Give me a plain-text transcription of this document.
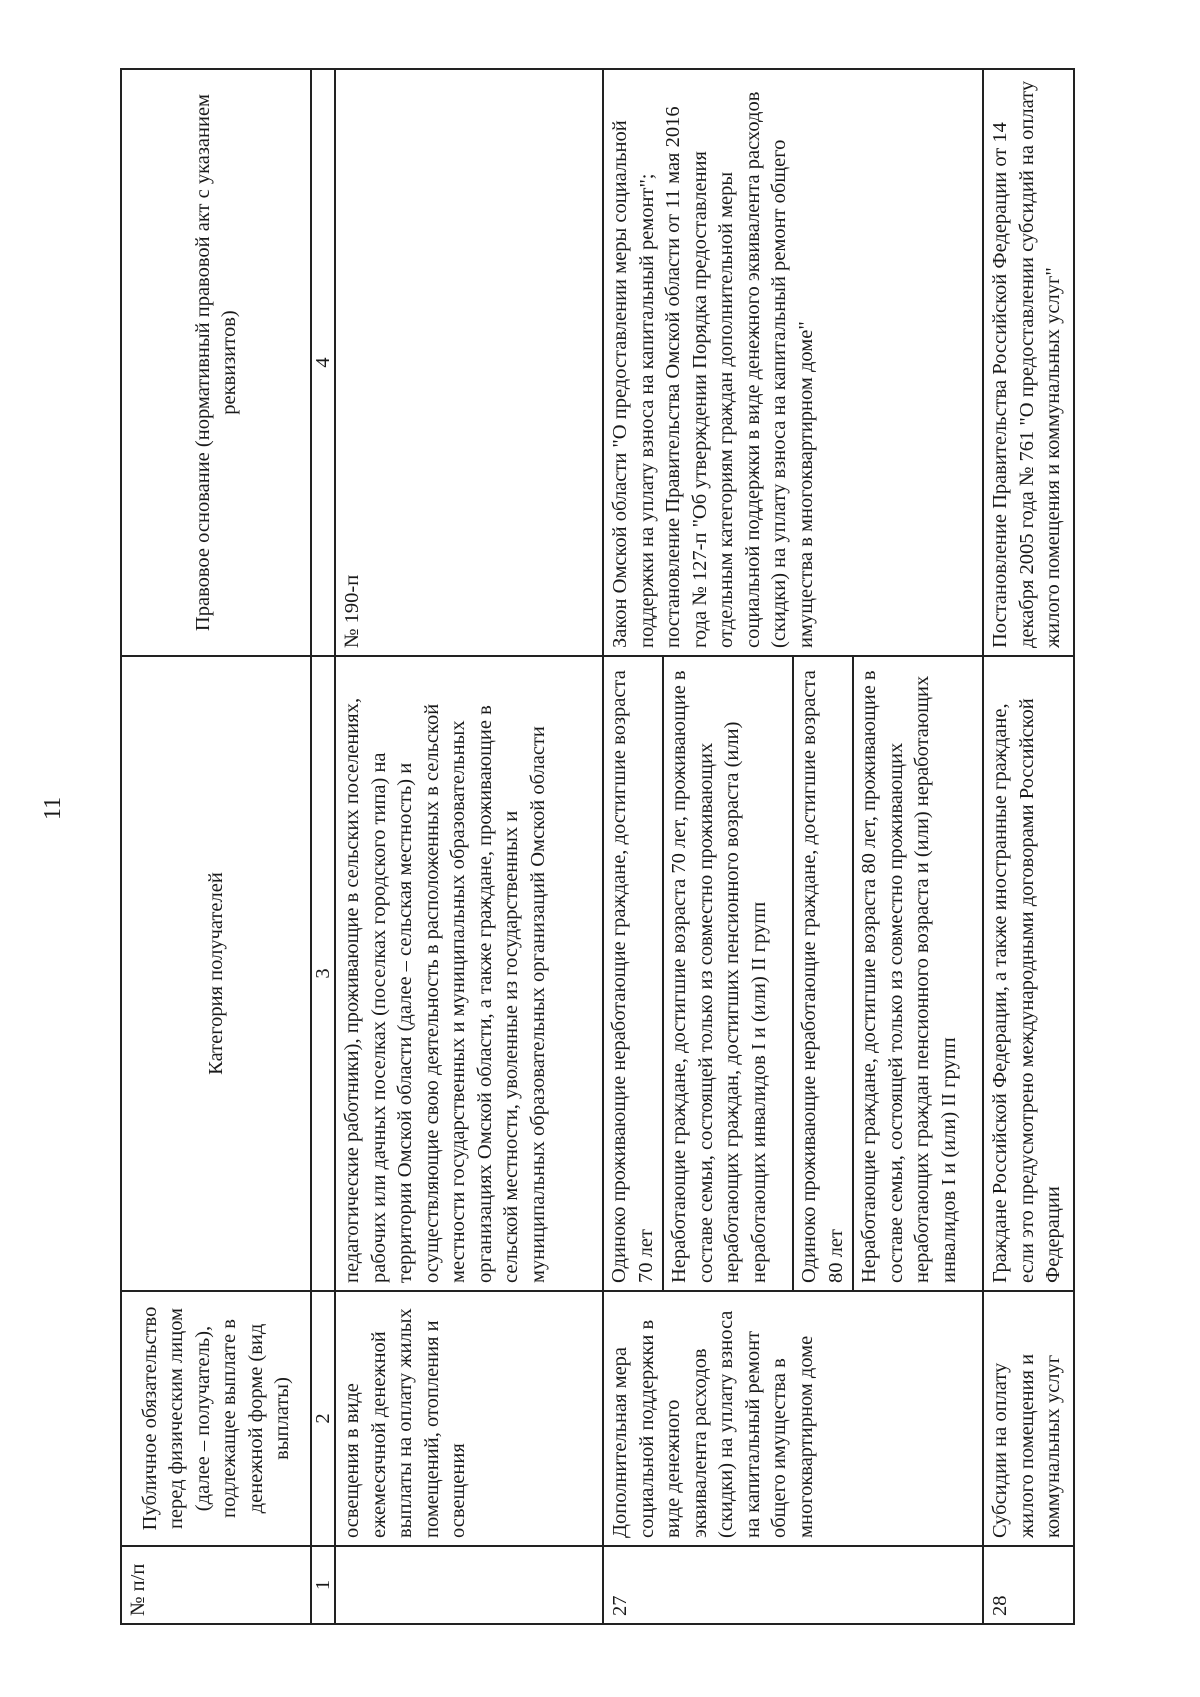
11
№ п/п	Публичное обязательство перед физическим лицом (далее – получатель), подлежащее выплате в денежной форме (вид выплаты)	Категория получателей	Правовое основание (нормативный правовой акт с указанием реквизитов)
1	2	3	4
	освещения в виде ежемесячной денежной выплаты на оплату жилых помещений, отопления и освещения	педагогические работники), проживающие в сельских поселениях, рабочих или дачных поселках (поселках городского типа) на территории Омской области (далее – сельская местность) и осуществляющие свою деятельность в расположенных в сельской местности государственных и муниципальных образовательных организациях Омской области, а также граждане, проживающие в сельской местности, уволенные из государственных и муниципальных образовательных организаций Омской области	№ 190-п
27	Дополнительная мера социальной поддержки в виде денежного эквивалента расходов (скидки) на уплату взноса на капитальный ремонт общего имущества в многоквартирном доме	Одиноко проживающие неработающие граждане, достигшие возраста 70 лет	Закон Омской области "О предоставлении меры социальной поддержки на уплату взноса на капитальный ремонт"; постановление Правительства Омской области от 11 мая 2016 года № 127-п "Об утверждении Порядка предоставления отдельным категориям граждан дополнительной меры социальной поддержки в виде денежного эквивалента расходов (скидки) на уплату взноса на капитальный ремонт общего имущества в многоквартирном доме"
		Неработающие граждане, достигшие возраста 70 лет, проживающие в составе семьи, состоящей только из совместно проживающих неработающих граждан, достигших пенсионного возраста (или) неработающих инвалидов I и (или) II групп	
		Одиноко проживающие неработающие граждане, достигшие возраста 80 лет	
		Неработающие граждане, достигшие возраста 80 лет, проживающие в составе семьи, состоящей только из совместно проживающих неработающих граждан пенсионного возраста и (или) неработающих инвалидов I и (или) II групп	
28	Субсидии на оплату жилого помещения и коммунальных услуг	Граждане Российской Федерации, а также иностранные граждане, если это предусмотрено международными договорами Российской Федерации	Постановление Правительства Российской Федерации от 14 декабря 2005 года № 761 "О предоставлении субсидий на оплату жилого помещения и коммунальных услуг"
